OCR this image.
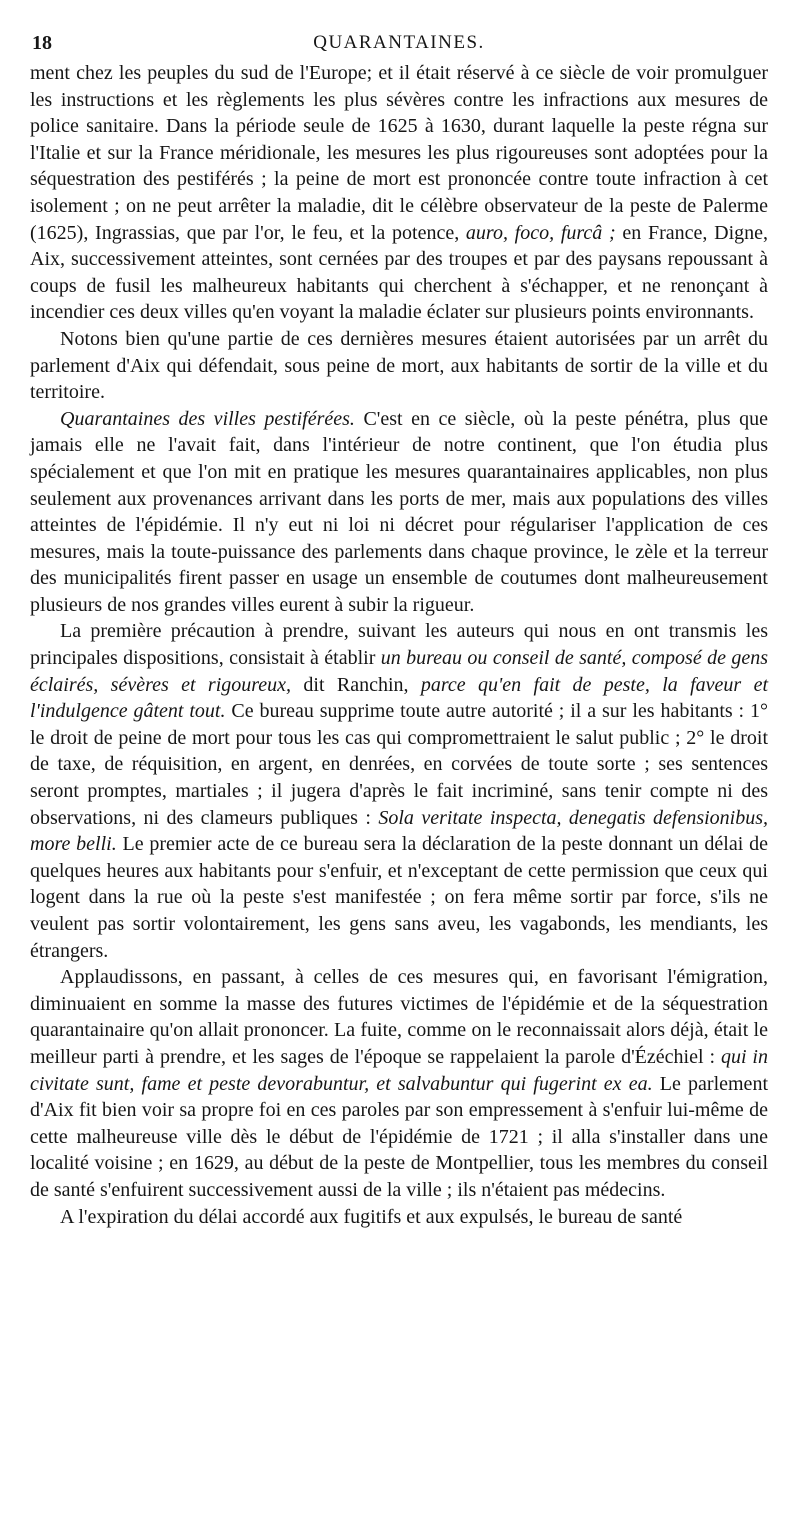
18	QUARANTAINES.

ment chez les peuples du sud de l'Europe; et il était réservé à ce siècle de voir promulguer les instructions et les règlements les plus sévères contre les infractions aux mesures de police sanitaire. Dans la période seule de 1625 à 1630, durant laquelle la peste régna sur l'Italie et sur la France méridionale, les mesures les plus rigoureuses sont adoptées pour la séquestration des pestiférés ; la peine de mort est prononcée contre toute infraction à cet isolement ; on ne peut arrêter la maladie, dit le célèbre observateur de la peste de Palerme (1625), Ingrassias, que par l'or, le feu, et la potence, auro, foco, furcâ ; en France, Digne, Aix, successivement atteintes, sont cernées par des troupes et par des paysans repoussant à coups de fusil les malheureux habitants qui cherchent à s'échapper, et ne renonçant à incendier ces deux villes qu'en voyant la maladie éclater sur plusieurs points environnants.

Notons bien qu'une partie de ces dernières mesures étaient autorisées par un arrêt du parlement d'Aix qui défendait, sous peine de mort, aux habitants de sortir de la ville et du territoire.

Quarantaines des villes pestiférées. C'est en ce siècle, où la peste pénétra, plus que jamais elle ne l'avait fait, dans l'intérieur de notre continent, que l'on étudia plus spécialement et que l'on mit en pratique les mesures quarantainaires applicables, non plus seulement aux provenances arrivant dans les ports de mer, mais aux populations des villes atteintes de l'épidémie. Il n'y eut ni loi ni décret pour régulariser l'application de ces mesures, mais la toute-puissance des parlements dans chaque province, le zèle et la terreur des municipalités firent passer en usage un ensemble de coutumes dont malheureusement plusieurs de nos grandes villes eurent à subir la rigueur.

La première précaution à prendre, suivant les auteurs qui nous en ont transmis les principales dispositions, consistait à établir un bureau ou conseil de santé, composé de gens éclairés, sévères et rigoureux, dit Ranchin, parce qu'en fait de peste, la faveur et l'indulgence gâtent tout. Ce bureau supprime toute autre autorité ; il a sur les habitants : 1° le droit de peine de mort pour tous les cas qui compromettraient le salut public ; 2° le droit de taxe, de réquisition, en argent, en denrées, en corvées de toute sorte ; ses sentences seront promptes, martiales ; il jugera d'après le fait incriminé, sans tenir compte ni des observations, ni des clameurs publiques : Sola veritate inspecta, denegatis defensionibus, more belli. Le premier acte de ce bureau sera la déclaration de la peste donnant un délai de quelques heures aux habitants pour s'enfuir, et n'exceptant de cette permission que ceux qui logent dans la rue où la peste s'est manifestée ; on fera même sortir par force, s'ils ne veulent pas sortir volontairement, les gens sans aveu, les vagabonds, les mendiants, les étrangers.

Applaudissons, en passant, à celles de ces mesures qui, en favorisant l'émigration, diminuaient en somme la masse des futures victimes de l'épidémie et de la séquestration quarantainaire qu'on allait prononcer. La fuite, comme on le reconnaissait alors déjà, était le meilleur parti à prendre, et les sages de l'époque se rappelaient la parole d'Ézéchiel : qui in civitate sunt, fame et peste devorabuntur, et salvabuntur qui fugerint ex ea. Le parlement d'Aix fit bien voir sa propre foi en ces paroles par son empressement à s'enfuir lui-même de cette malheureuse ville dès le début de l'épidémie de 1721 ; il alla s'installer dans une localité voisine ; en 1629, au début de la peste de Montpellier, tous les membres du conseil de santé s'enfuirent successivement aussi de la ville ; ils n'étaient pas médecins.

A l'expiration du délai accordé aux fugitifs et aux expulsés, le bureau de santé
